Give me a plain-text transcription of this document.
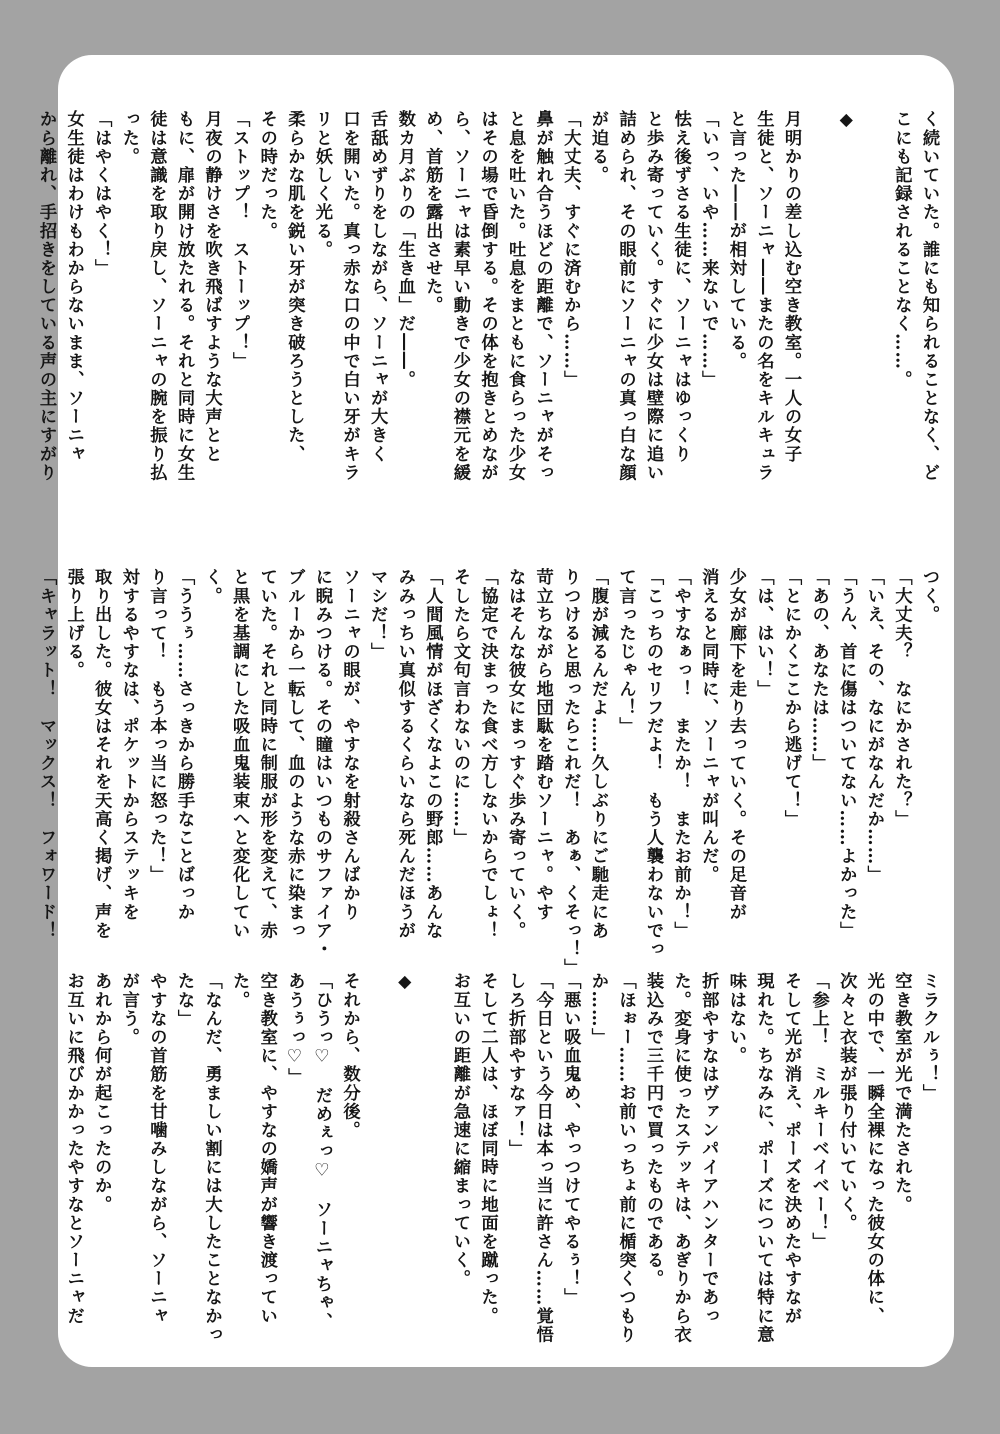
く続いていた。誰にも知られることなく、ど
こにも記録されることなく……。

◆

月明かりの差し込む空き教室。一人の女子
生徒と、ソーニャ――またの名をキルキュラ
と言った――が相対している。
「いっ、いや……来ないで……」
怯え後ずさる生徒に、ソーニャはゆっくり
と歩み寄っていく。すぐに少女は壁際に追い
詰められ、その眼前にソーニャの真っ白な顔
が迫る。
「大丈夫、すぐに済むから……」
鼻が触れ合うほどの距離で、ソーニャがそっ
と息を吐いた。吐息をまともに食らった少女
はその場で昏倒する。その体を抱きとめなが
ら、ソーニャは素早い動きで少女の襟元を緩
め、首筋を露出させた。
数カ月ぶりの「生き血」だ――。
舌舐めずりをしながら、ソーニャが大きく
口を開いた。真っ赤な口の中で白い牙がキラ
リと妖しく光る。
柔らかな肌を鋭い牙が突き破ろうとした、
その時だった。
「ストップ！　ストーップ！」
月夜の静けさを吹き飛ばすような大声とと
もに、扉が開け放たれる。それと同時に女生
徒は意識を取り戻し、ソーニャの腕を振り払
った。
「はやくはやく！」
女生徒はわけもわからないまま、ソーニャ
から離れ、手招きをしている声の主にすがり
つく。
「大丈夫？　なにかされた？」
「いえ、その、なにがなんだか……」
「うん、首に傷はついてない……よかった」
「あの、あなたは……」
「とにかくここから逃げて！」
「は、はい！」
少女が廊下を走り去っていく。その足音が
消えると同時に、ソーニャが叫んだ。
「やすなぁっ！　またか！　またお前か！」
「こっちのセリフだよ！　もう人襲わないでっ
て言ったじゃん！」
「腹が減るんだよ……久しぶりにご馳走にあ
りつけると思ったらこれだ！　あぁ、くそっ！」
苛立ちながら地団駄を踏むソーニャ。やす
なはそんな彼女にまっすぐ歩み寄っていく。
「協定で決まった食べ方しないからでしょ！
そしたら文句言わないのに……」
「人間風情がほざくなよこの野郎……あんな
みみっちい真似するくらいなら死んだほうが
マシだ！」
ソーニャの眼が、やすなを射殺さんばかり
に睨みつける。その瞳はいつものサファイア・
ブルーから一転して、血のような赤に染まっ
ていた。それと同時に制服が形を変えて、赤
と黒を基調にした吸血鬼装束へと変化してい
く。
「ううぅ……さっきから勝手なことばっか
り言って！　もう本っ当に怒った！」
対するやすなは、ポケットからステッキを
取り出した。彼女はそれを天高く掲げ、声を
張り上げる。
「キャラット！　マックス！　フォワード！
ミラクルぅ！」
空き教室が光で満たされた。
光の中で、一瞬全裸になった彼女の体に、
次々と衣装が張り付いていく。
「参上！　ミルキーベイベー！」
そして光が消え、ポーズを決めたやすなが
現れた。ちなみに、ポーズについては特に意
味はない。
折部やすなはヴァンパイアハンターであっ
た。変身に使ったステッキは、あぎりから衣
装込みで三千円で買ったものである。
「ほぉー……お前いっちょ前に楯突くつもり
か……」
「悪い吸血鬼め、やっつけてやるぅ！」
「今日という今日は本っ当に許さん……覚悟
しろ折部やすなァ！」
そして二人は、ほぼ同時に地面を蹴った。
お互いの距離が急速に縮まっていく。

◆

それから、数分後。
「ひうっ♡　だめぇっ♡　ソーニャちゃ、
あうぅっ♡」
空き教室に、やすなの嬌声が響き渡ってい
た。
「なんだ、勇ましい割には大したことなかっ
たな」
やすなの首筋を甘噛みしながら、ソーニャ
が言う。
あれから何が起こったのか。
お互いに飛びかかったやすなとソーニャだ
